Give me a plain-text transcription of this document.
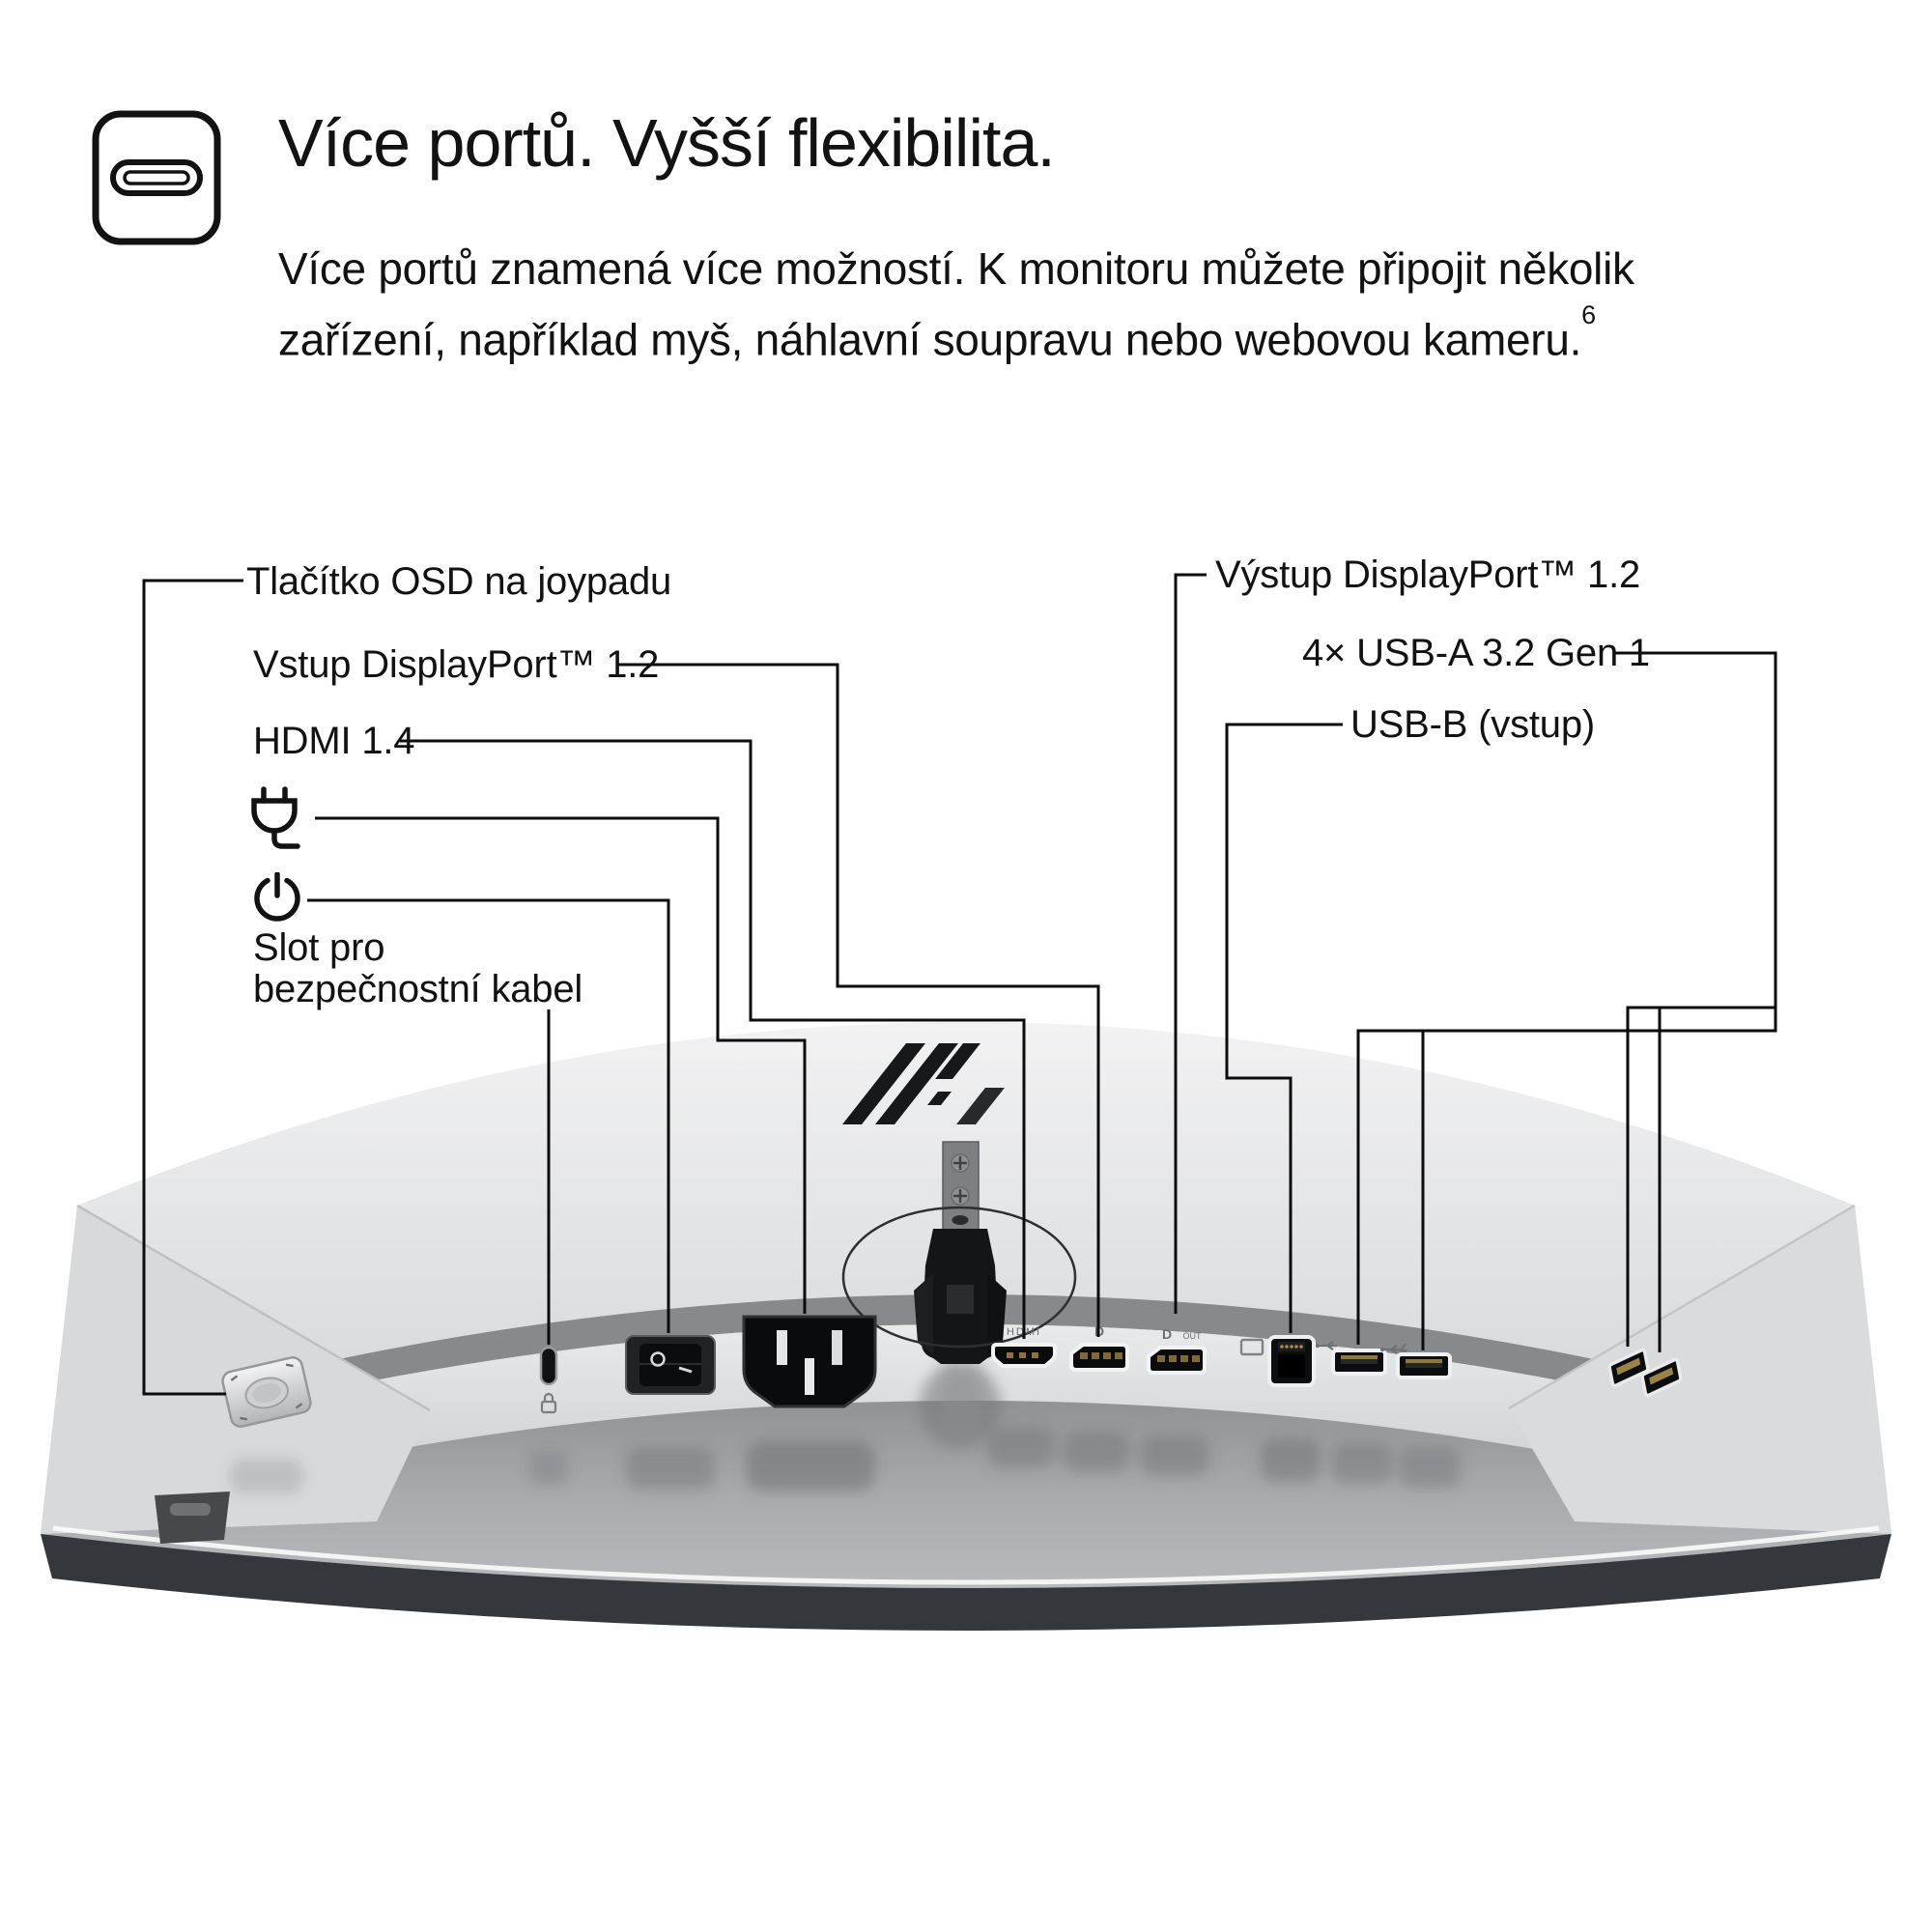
HDMI	D	D OUT
Více portů. Vyšší flexibilita.

Více portů znamená více možností. K monitoru můžete připojit několik
zařízení, například myš, náhlavní soupravu nebo webovou kameru.$^6$

Tlačítko OSD na joypadu
Vstup DisplayPort™ 1.2
HDMI 1.4
Slot pro
bezpečnostní kabel
Výstup DisplayPort™ 1.2
4× USB-A 3.2 Gen 1
USB-B (vstup)
